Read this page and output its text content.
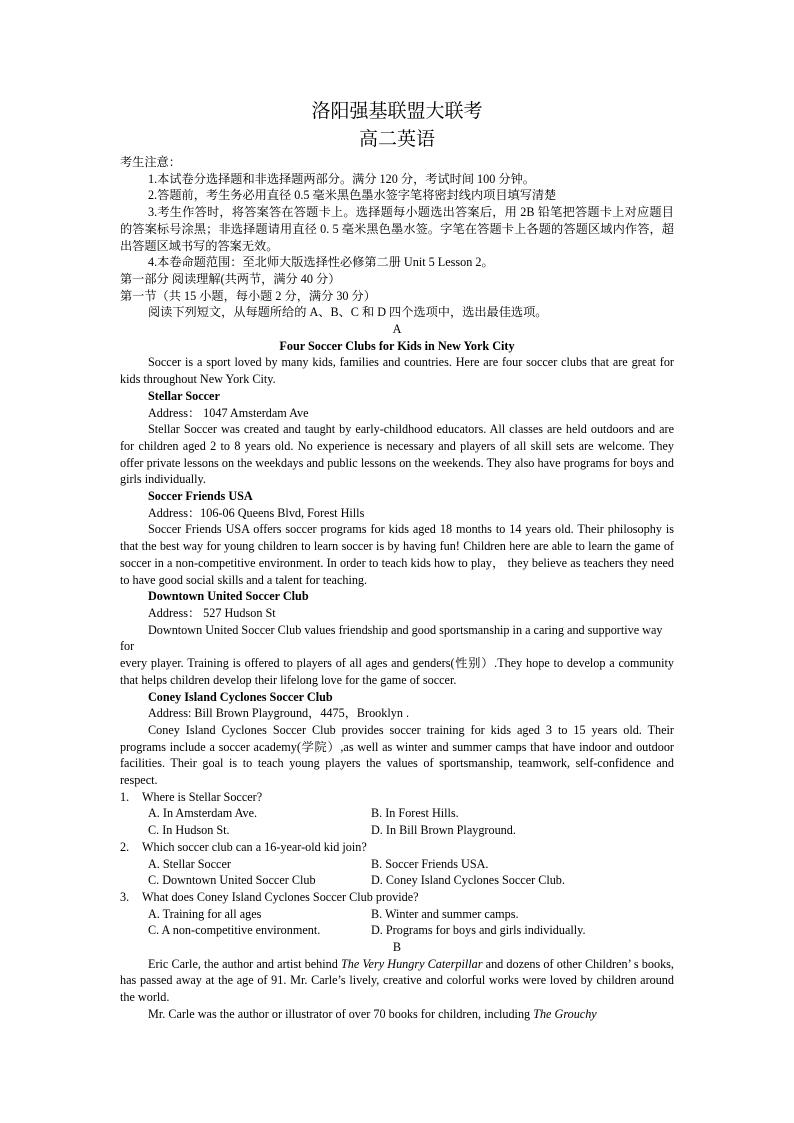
洛阳强基联盟大联考
高二英语

考生注意：

1.本试卷分选择题和非选择题两部分。满分 120 分，考试时间 100 分钟。

2.答题前，考生务必用直径 0.5 毫米黑色墨水签字笔将密封线内项目填写清楚

3.考生作答时，将答案答在答题卡上。选择题每小题选出答案后，用 2B 铅笔把答题卡上对应题目的答案标号涂黑；非选择题请用直径 0. 5 毫米黑色墨水签。字笔在答题卡上各题的答题区域内作答，超出答题区域书写的答案无效。

4.本卷命题范围：至北师大版选择性必修第二册 Unit 5 Lesson 2。

第一部分 阅读理解(共两节，满分 40 分）

第一节（共 15 小题，每小题 2 分，满分 30 分）

阅读下列短文，从每题所给的 A、B、C 和 D 四个选项中，选出最佳选项。

A

Four Soccer Clubs for Kids in New York City

Soccer is a sport loved by many kids, families and countries. Here are four soccer clubs that are great for kids throughout New York City.

Stellar Soccer

Address： 1047 Amsterdam Ave

Stellar Soccer was created and taught by early-childhood educators. All classes are held outdoors and are for children aged 2 to 8 years old. No experience is necessary and players of all skill sets are welcome. They offer private lessons on the weekdays and public lessons on the weekends. They also have programs for boys and girls individually.

Soccer Friends USA

Address：106-06 Queens Blvd, Forest Hills

Soccer Friends USA offers soccer programs for kids aged 18 months to 14 years old. Their philosophy is that the best way for young children to learn soccer is by having fun! Children here are able to learn the game of soccer in a non-competitive environment. In order to teach kids how to play， they believe as teachers they need to have good social skills and a talent for teaching.

Downtown United Soccer Club

Address： 527 Hudson St

Downtown United Soccer Club values friendship and good sportsmanship in a caring and supportive way for

every player. Training is offered to players of all ages and genders(性别）.They hope to develop a community that helps children develop their lifelong love for the game of soccer.

Coney Island Cyclones Soccer Club

Address: Bill Brown Playground，4475，Brooklyn .

Coney Island Cyclones Soccer Club provides soccer training for kids aged 3 to 15 years old. Their programs include a soccer academy(学院）,as well as winter and summer camps that have indoor and outdoor facilities. Their goal is to teach young players the values of sportsmanship, teamwork, self-confidence and respect.

1.	Where is Stellar Soccer?
A. In Amsterdam Ave.	B. In Forest Hills.
C. In Hudson St.	D. In Bill Brown Playground.
2.	Which soccer club can a 16-year-old kid join?
A. Stellar Soccer	B. Soccer Friends USA.
C. Downtown United Soccer Club	D. Coney Island Cyclones Soccer Club.
3.	What does Coney Island Cyclones Soccer Club provide?
A. Training for all ages	B. Winter and summer camps.
C. A non-competitive environment.	D. Programs for boys and girls individually.

B

Eric Carle, the author and artist behind The Very Hungry Caterpillar and dozens of other Children’ s books, has passed away at the age of 91. Mr. Carle’s lively, creative and colorful works were loved by children around the world.

Mr. Carle was the author or illustrator of over 70 books for children, including The Grouchy
